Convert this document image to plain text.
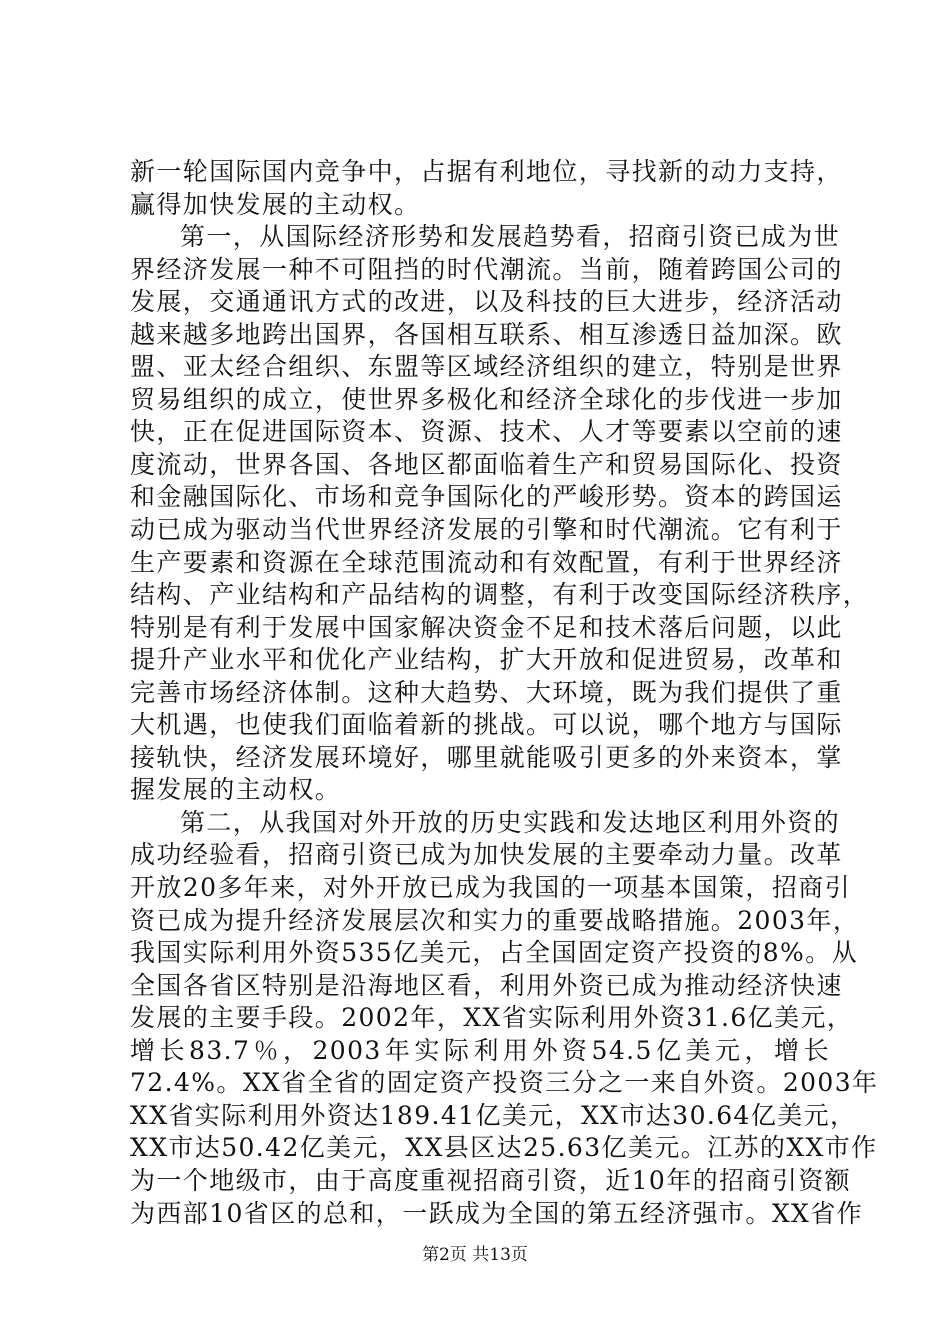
新一轮国际国内竞争中，占据有利地位，寻找新的动力支持，
赢得加快发展的主动权。
第一，从国际经济形势和发展趋势看，招商引资已成为世
界经济发展一种不可阻挡的时代潮流。当前，随着跨国公司的
发展，交通通讯方式的改进，以及科技的巨大进步，经济活动
越来越多地跨出国界，各国相互联系、相互渗透日益加深。欧
盟、亚太经合组织、东盟等区域经济组织的建立，特别是世界
贸易组织的成立，使世界多极化和经济全球化的步伐进一步加
快，正在促进国际资本、资源、技术、人才等要素以空前的速
度流动，世界各国、各地区都面临着生产和贸易国际化、投资
和金融国际化、市场和竞争国际化的严峻形势。资本的跨国运
动已成为驱动当代世界经济发展的引擎和时代潮流。它有利于
生产要素和资源在全球范围流动和有效配置，有利于世界经济
结构、产业结构和产品结构的调整，有利于改变国际经济秩序，
特别是有利于发展中国家解决资金不足和技术落后问题，以此
提升产业水平和优化产业结构，扩大开放和促进贸易，改革和
完善市场经济体制。这种大趋势、大环境，既为我们提供了重
大机遇，也使我们面临着新的挑战。可以说，哪个地方与国际
接轨快，经济发展环境好，哪里就能吸引更多的外来资本，掌
握发展的主动权。
第二，从我国对外开放的历史实践和发达地区利用外资的
成功经验看，招商引资已成为加快发展的主要牵动力量。改革
开放20多年来，对外开放已成为我国的一项基本国策，招商引
资已成为提升经济发展层次和实力的重要战略措施。2003年，
我国实际利用外资535亿美元，占全国固定资产投资的8%。从
全国各省区特别是沿海地区看，利用外资已成为推动经济快速
发展的主要手段。2002年，XX省实际利用外资31.6亿美元，
增长83.7％，2003年实际利用外资54.5亿美元，增长
72.4%。XX省全省的固定资产投资三分之一来自外资。2003年
XX省实际利用外资达189.41亿美元，XX市达30.64亿美元，
XX市达50.42亿美元，XX县区达25.63亿美元。江苏的XX市作
为一个地级市，由于高度重视招商引资，近10年的招商引资额
为西部10省区的总和，一跃成为全国的第五经济强市。XX省作
第2页 共13页
